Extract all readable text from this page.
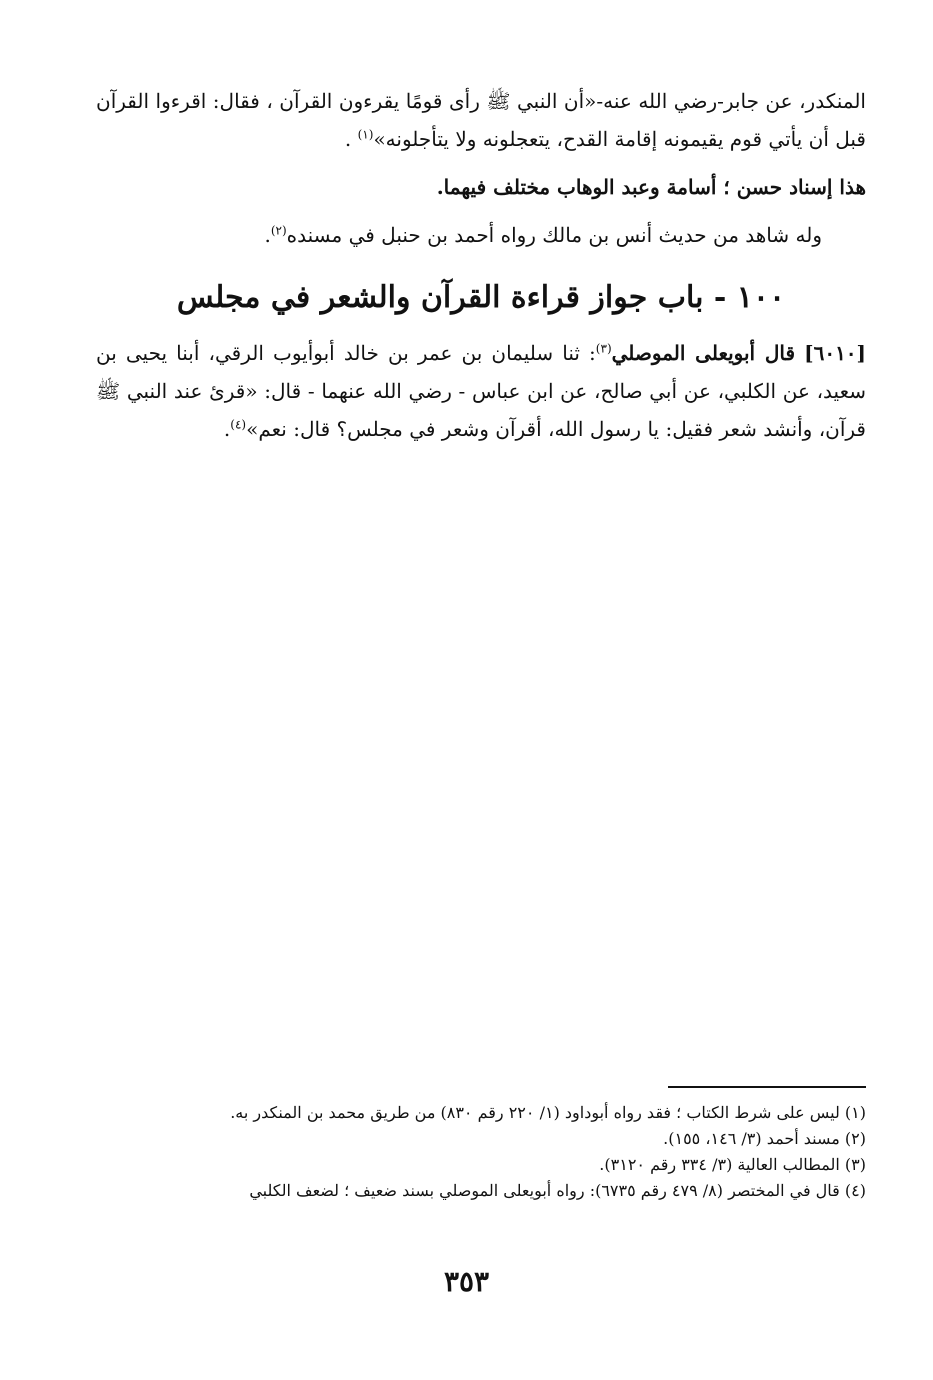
المنكدر، عن جابر-رضي الله عنه-«أن النبي ﷺ رأى قومًا يقرءون القرآن ، فقال: اقرءوا القرآن قبل أن يأتي قوم يقيمونه إقامة القدح، يتعجلونه ولا يتأجلونه»$^{(١)}$ .

هذا إسناد حسن ؛ أسامة وعبد الوهاب مختلف فيهما.

وله شاهد من حديث أنس بن مالك رواه أحمد بن حنبل في مسنده$^{(٢)}$.

١٠٠ - باب جواز قراءة القرآن والشعر في مجلس

[٦٠١٠] قال أبويعلى الموصلي$^{(٣)}$: ثنا سليمان بن عمر بن خالد أبوأيوب الرقي، أبنا يحيى بن سعيد، عن الكلبي، عن أبي صالح، عن ابن عباس - رضي الله عنهما - قال: «قرئ عند النبي ﷺ قرآن، وأنشد شعر فقيل: يا رسول الله، أقرآن وشعر في مجلس؟ قال: نعم»$^{(٤)}$.

(١) ليس على شرط الكتاب ؛ فقد رواه أبوداود (١/ ٢٢٠ رقم ٨٣٠) من طريق محمد بن المنكدر به.

(٢) مسند أحمد (٣/ ١٤٦، ١٥٥).

(٣) المطالب العالية (٣/ ٣٣٤ رقم ٣١٢٠).

(٤) قال في المختصر (٨/ ٤٧٩ رقم ٦٧٣٥): رواه أبويعلى الموصلي بسند ضعيف ؛ لضعف الكلبي

٣٥٣
